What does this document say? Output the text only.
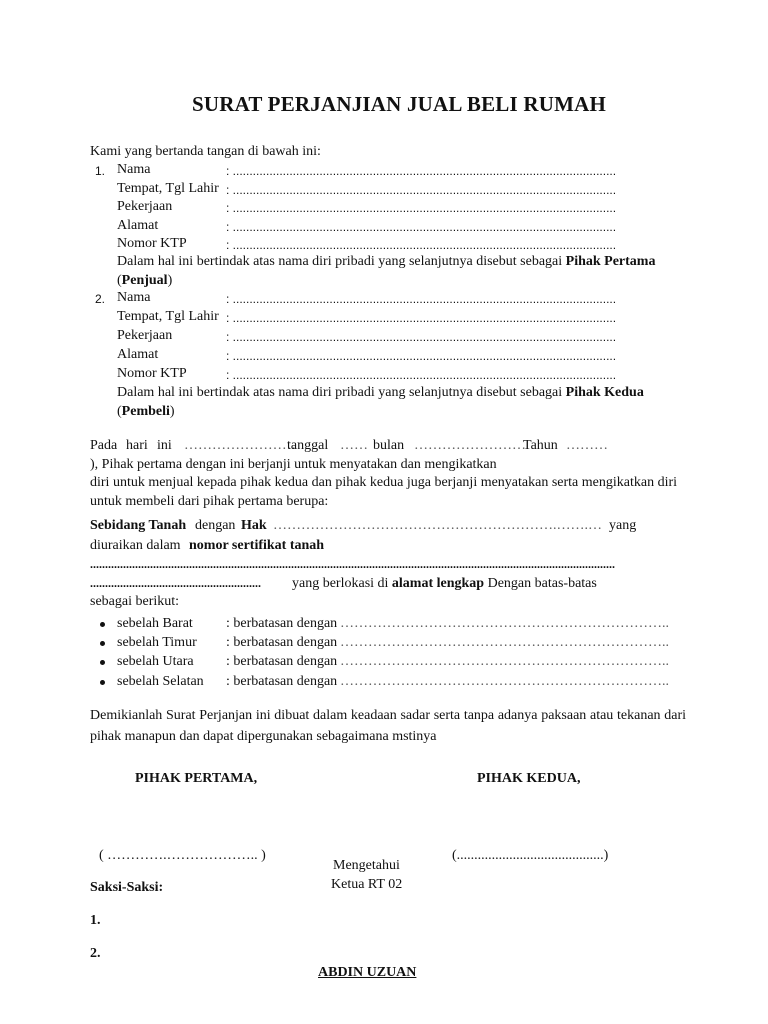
SURAT PERJANJIAN JUAL BELI RUMAH
Kami yang bertanda tangan di bawah ini:
1. Nama	: ...................................................................................................................
Tempat, Tgl Lahir : ...................................................................................................................
Pekerjaan	: ...................................................................................................................
Alamat	: ...................................................................................................................
Nomor KTP	: ...................................................................................................................
Dalam hal ini bertindak atas nama diri pribadi yang selanjutnya disebut sebagai Pihak Pertama
(Penjual)
2. Nama	: ...................................................................................................................
Tempat, Tgl Lahir : ...................................................................................................................
Pekerjaan	: ...................................................................................................................
Alamat	: ...................................................................................................................
Nomor KTP	: ...................................................................................................................
Dalam hal ini bertindak atas nama diri pribadi yang selanjutnya disebut sebagai Pihak Kedua
(Pembeli)
Pada hari ini ……………………
tanggal …… bulan ……………………
Tahun ………
), Pihak pertama dengan ini berjanji untuk menyatakan dan mengikatkan
diri untuk menjual kepada pihak kedua dan pihak kedua juga berjanji menyatakan serta mengikatkan diri
untuk membeli dari pihak pertama berupa:
Sebidang Tanah dengan Hak …………………………………………………….…….… yang
diuraikan dalam nomor sertifikat tanah
...............................................................................................................................................................................
......................................................... yang berlokasi di alamat lengkap Dengan batas-batas
sebagai berikut:
sebelah Barat : berbatasan dengan ……………………………………………………………..
sebelah Timur : berbatasan dengan ……………………………………………………………..
sebelah Utara : berbatasan dengan ……………………………………………………………..
sebelah Selatan : berbatasan dengan ……………………………………………………………..
Demikianlah Surat Perjanjan ini dibuat dalam keadaan sadar serta tanpa adanya paksaan atau tekanan dari pihak manapun dan dapat dipergunakan sebagaimana mstinya
PIHAK PERTAMA,	PIHAK KEDUA,
( ………….……………….. )	(..........................................)
Mengetahui
Ketua RT 02
Saksi-Saksi:
1.
2.
ABDIN UZUAN
